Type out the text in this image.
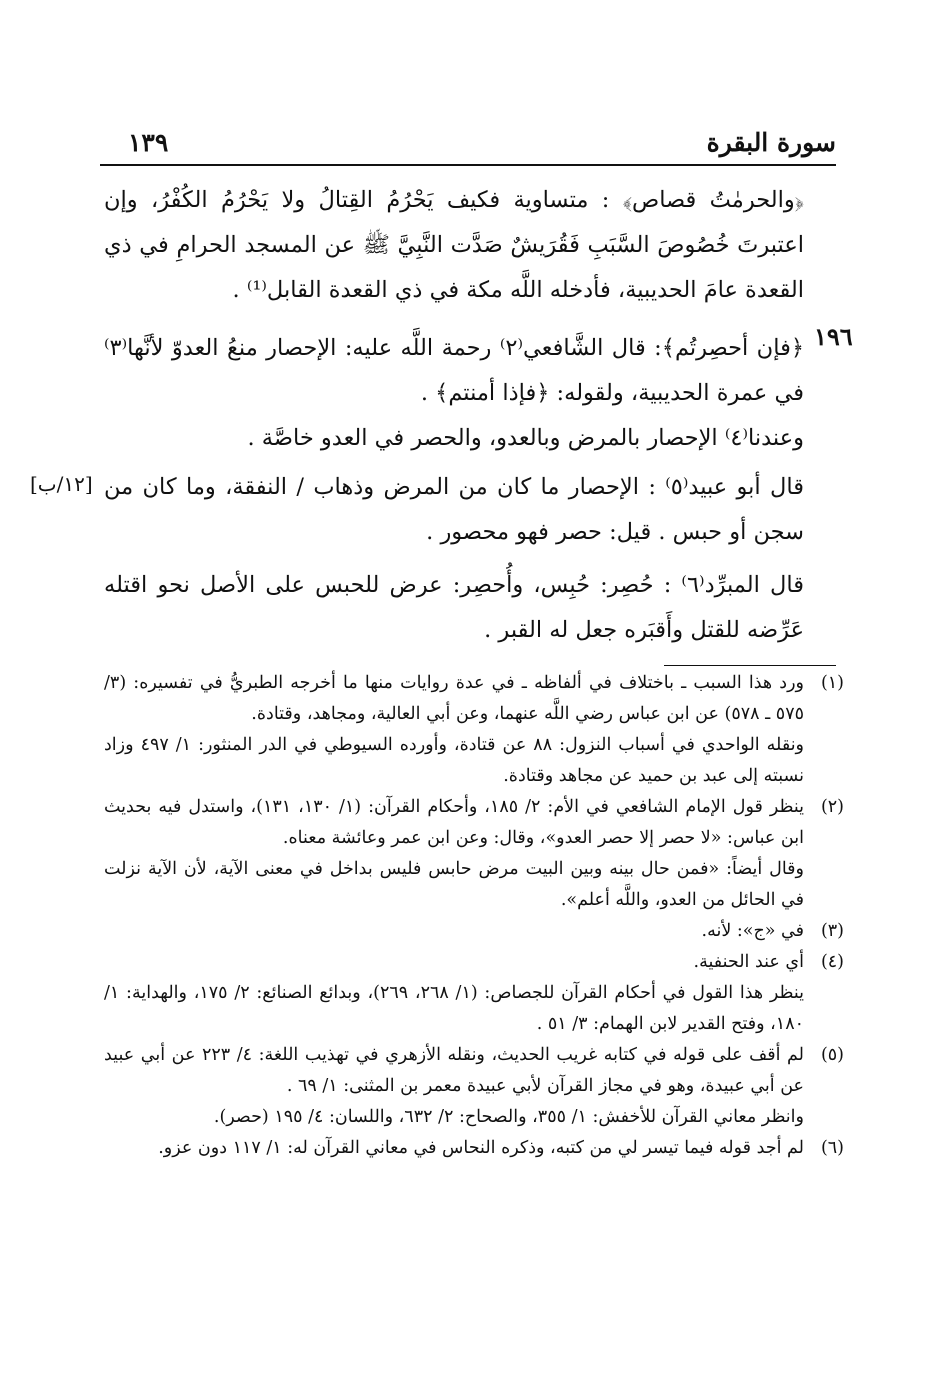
سورة البقرة
١٣٩
١٩٦
[١٢/ب]

﴿والحرمٰتُ قصاص﴾ : متساوية فكيف يَحْرُمُ القِتالُ ولا يَحْرُمُ الكُفْرُ، وإن اعتبرتَ خُصُوصَ السَّبَبِ فَقُرَيشٌ صَدَّت النَّبِيَّ ﷺ عن المسجد الحرامِ في ذي القعدة عامَ الحديبية، فأدخله اللَّه مكة في ذي القعدة القابل⁽¹⁾ .

﴿فإن أحصِرتُم﴾: قال الشَّافعي⁽٢⁾ رحمة اللَّه عليه: الإحصار منعُ العدوّ لأنَّها⁽٣⁾ في عمرة الحديبية، ولقوله: ﴿فإذا أمنتم﴾ .

وعندنا⁽٤⁾ الإحصار بالمرض وبالعدو، والحصر في العدو خاصَّة .

قال أبو عبيد⁽٥⁾ : الإحصار ما كان من المرض وذهاب / النفقة، وما كان من سجن أو حبس . قيل: حصر فهو محصور .

قال المبرِّد⁽٦⁾ : حُصِر: حُبِس، وأُحصِر: عرض للحبس على الأصل نحو اقتله عَرِّضه للقتل وأَقبَره جعل له القبر .

(١)

ورد هذا السبب ـ باختلاف في ألفاظه ـ في عدة روايات منها ما أخرجه الطبريُّ في تفسيره: (٣/ ٥٧٥ ـ ٥٧٨) عن ابن عباس رضي اللَّه عنهما، وعن أبي العالية، ومجاهد، وقتادة.

ونقله الواحدي في أسباب النزول: ٨٨ عن قتادة، وأورده السيوطي في الدر المنثور: ١/ ٤٩٧ وزاد نسبته إلى عبد بن حميد عن مجاهد وقتادة.

(٢)

ينظر قول الإمام الشافعي في الأم: ٢/ ١٨٥، وأحكام القرآن: (١/ ١٣٠، ١٣١)، واستدل فيه بحديث ابن عباس: «لا حصر إلا حصر العدو»، وقال: وعن ابن عمر وعائشة معناه.

وقال أيضاً: «فمن حال بينه وبين البيت مرض حابس فليس بداخل في معنى الآية، لأن الآية نزلت في الحائل من العدو، واللَّه أعلم».

(٣)

في «ج»: لأنه.

(٤)

أي عند الحنفية.

ينظر هذا القول في أحكام القرآن للجصاص: (١/ ٢٦٨، ٢٦٩)، وبدائع الصنائع: ٢/ ١٧٥، والهداية: ١/ ١٨٠، وفتح القدير لابن الهمام: ٣/ ٥١ .

(٥)

لم أقف على قوله في كتابه غريب الحديث، ونقله الأزهري في تهذيب اللغة: ٤/ ٢٢٣ عن أبي عبيد عن أبي عبيدة، وهو في مجاز القرآن لأبي عبيدة معمر بن المثنى: ١/ ٦٩ .

وانظر معاني القرآن للأخفش: ١/ ٣٥٥، والصحاح: ٢/ ٦٣٢، واللسان: ٤/ ١٩٥ (حصر).

(٦)

لم أجد قوله فيما تيسر لي من كتبه، وذكره النحاس في معاني القرآن له: ١/ ١١٧ دون عزو.
